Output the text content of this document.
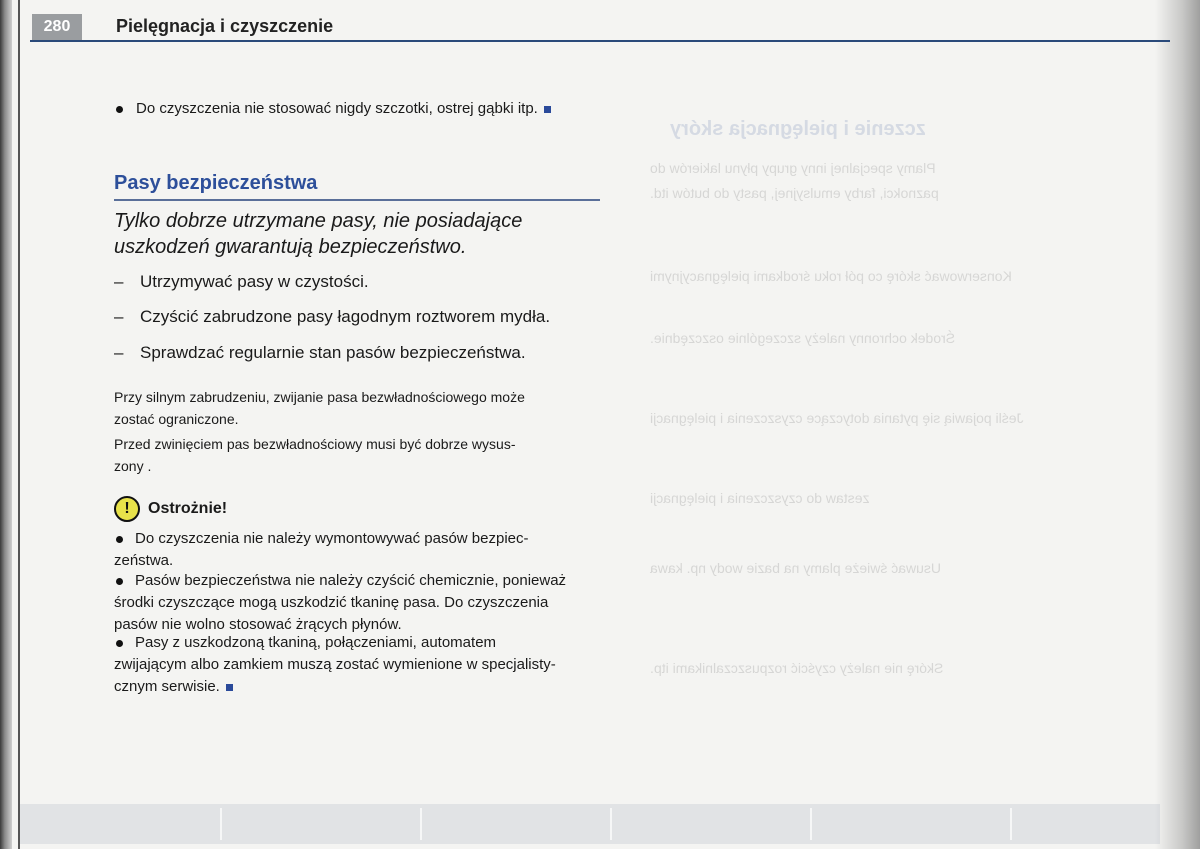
zczenie i pielęgnacja skóry
Plamy specjalnej inny grupy płynu lakierów do
paznokci, farby emulsyjnej, pasty do butów itd.
Konserwować skórę co pół roku środkami pielęgnacyjnymi
Środek ochronny należy szczególnie oszczędnie.
Jeśli pojawią się pytania dotyczące czyszczenia i pielęgnacji
zestaw do czyszczenia i pielęgnacji
Usuwać świeże plamy na bazie wody np. kawa
Skórę nie należy czyścić rozpuszczalnikami itp.
280	Pielęgnacja i czyszczenie
Do czyszczenia nie stosować nigdy szczotki, ostrej gąbki itp.
Pasy bezpieczeństwa
Tylko dobrze utrzymane pasy, nie posiadające
uszkodzeń gwarantują bezpieczeństwo.
– Utrzymywać pasy w czystości.
– Czyścić zabrudzone pasy łagodnym roztworem mydła.
– Sprawdzać regularnie stan pasów bezpieczeństwa.
Przy silnym zabrudzeniu, zwijanie pasa bezwładnościowego może
zostać ograniczone.
Przed zwinięciem pas bezwładnościowy musi być dobrze wysus-
zony .
!	Ostrożnie!
Do czyszczenia nie należy wymontowywać pasów bezpiec-
zeństwa.
Pasów bezpieczeństwa nie należy czyścić chemicznie, ponieważ
środki czyszczące mogą uszkodzić tkaninę pasa. Do czyszczenia
pasów nie wolno stosować żrących płynów.
Pasy z uszkodzoną tkaniną, połączeniami, automatem
zwijającym albo zamkiem muszą zostać wymienione w specjalisty-
cznym serwisie.
